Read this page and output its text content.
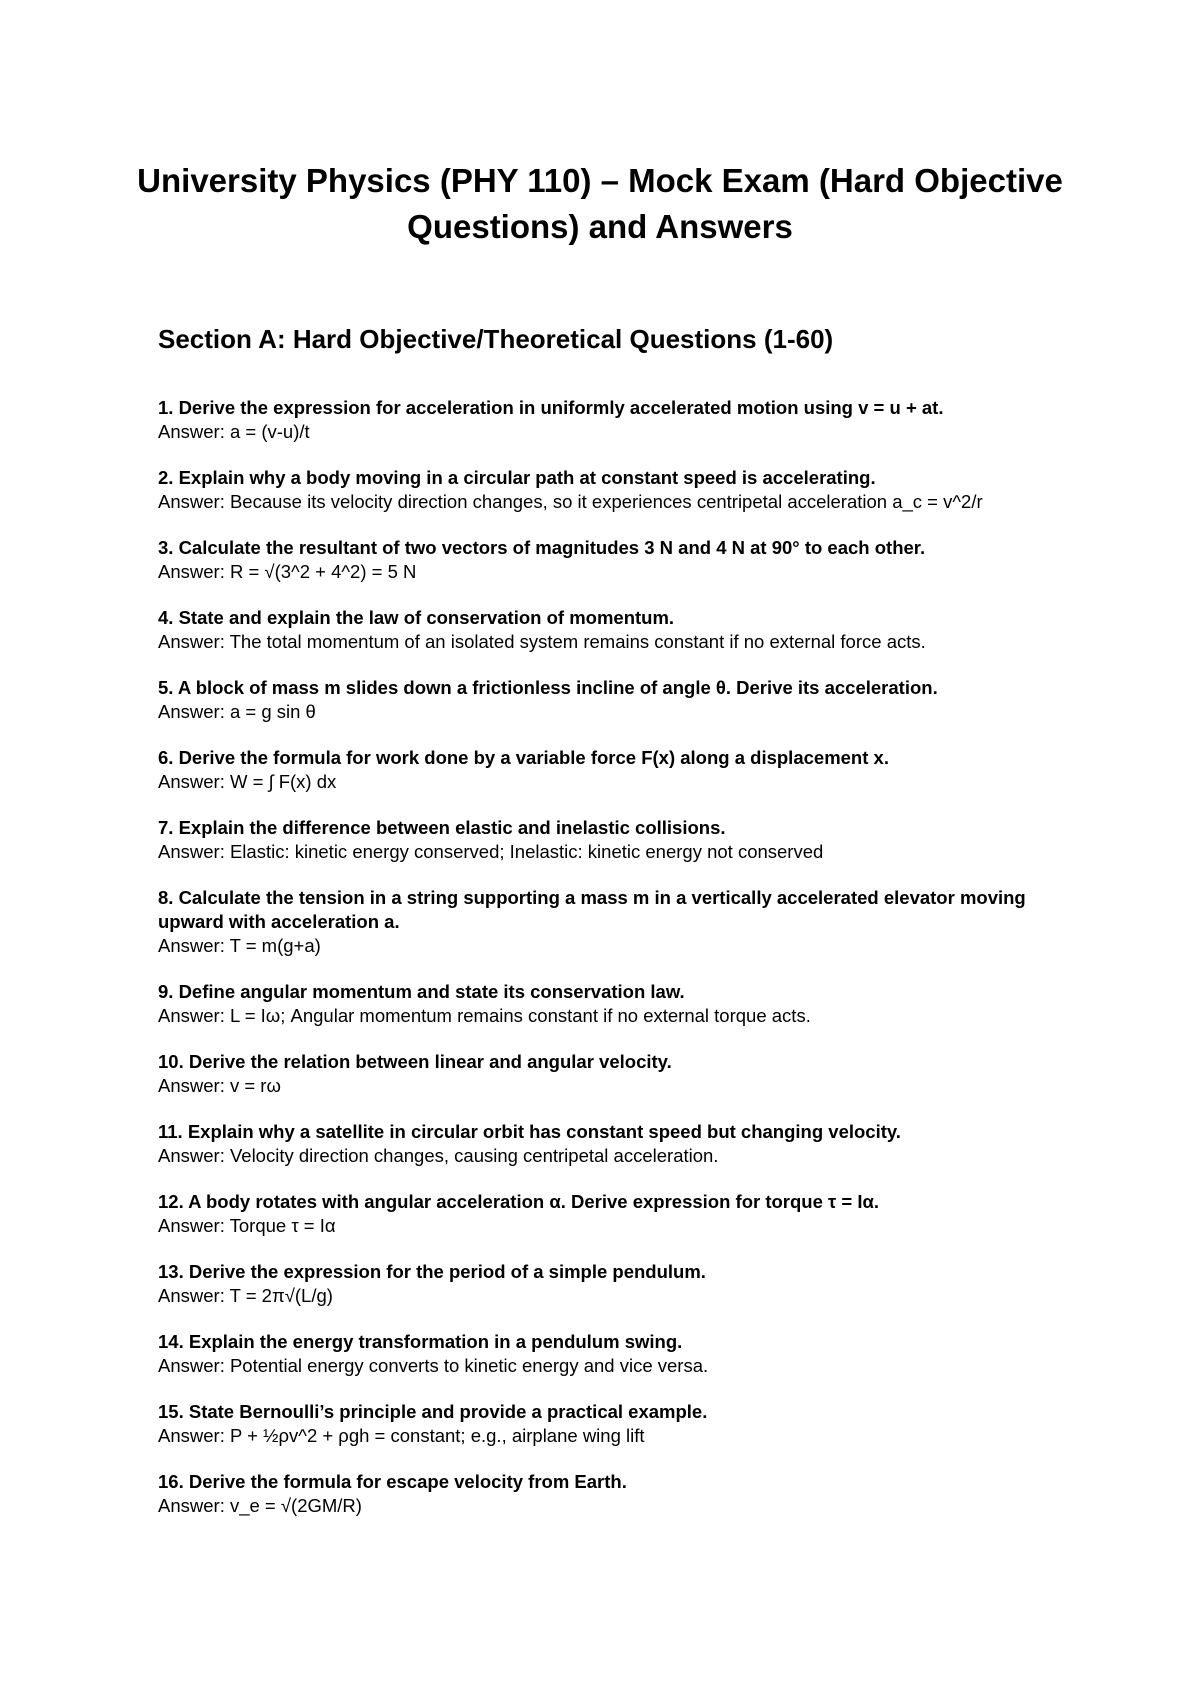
University Physics (PHY 110) – Mock Exam (Hard Objective Questions) and Answers
Section A: Hard Objective/Theoretical Questions (1-60)

1. Derive the expression for acceleration in uniformly accelerated motion using v = u + at.

Answer: a = (v-u)/t

2. Explain why a body moving in a circular path at constant speed is accelerating.

Answer: Because its velocity direction changes, so it experiences centripetal acceleration a_c = v^2/r

3. Calculate the resultant of two vectors of magnitudes 3 N and 4 N at 90° to each other.

Answer: R = √(3^2 + 4^2) = 5 N

4. State and explain the law of conservation of momentum.

Answer: The total momentum of an isolated system remains constant if no external force acts.

5. A block of mass m slides down a frictionless incline of angle θ. Derive its acceleration.

Answer: a = g sin θ

6. Derive the formula for work done by a variable force F(x) along a displacement x.

Answer: W = ∫ F(x) dx

7. Explain the difference between elastic and inelastic collisions.

Answer: Elastic: kinetic energy conserved; Inelastic: kinetic energy not conserved

8. Calculate the tension in a string supporting a mass m in a vertically accelerated elevator moving upward with acceleration a.

Answer: T = m(g+a)

9. Define angular momentum and state its conservation law.

Answer: L = Iω; Angular momentum remains constant if no external torque acts.

10. Derive the relation between linear and angular velocity.

Answer: v = rω

11. Explain why a satellite in circular orbit has constant speed but changing velocity.

Answer: Velocity direction changes, causing centripetal acceleration.

12. A body rotates with angular acceleration α. Derive expression for torque τ = Iα.

Answer: Torque τ = Iα

13. Derive the expression for the period of a simple pendulum.

Answer: T = 2π√(L/g)

14. Explain the energy transformation in a pendulum swing.

Answer: Potential energy converts to kinetic energy and vice versa.

15. State Bernoulli’s principle and provide a practical example.

Answer: P + ½ρv^2 + ρgh = constant; e.g., airplane wing lift

16. Derive the formula for escape velocity from Earth.

Answer: v_e = √(2GM/R)
